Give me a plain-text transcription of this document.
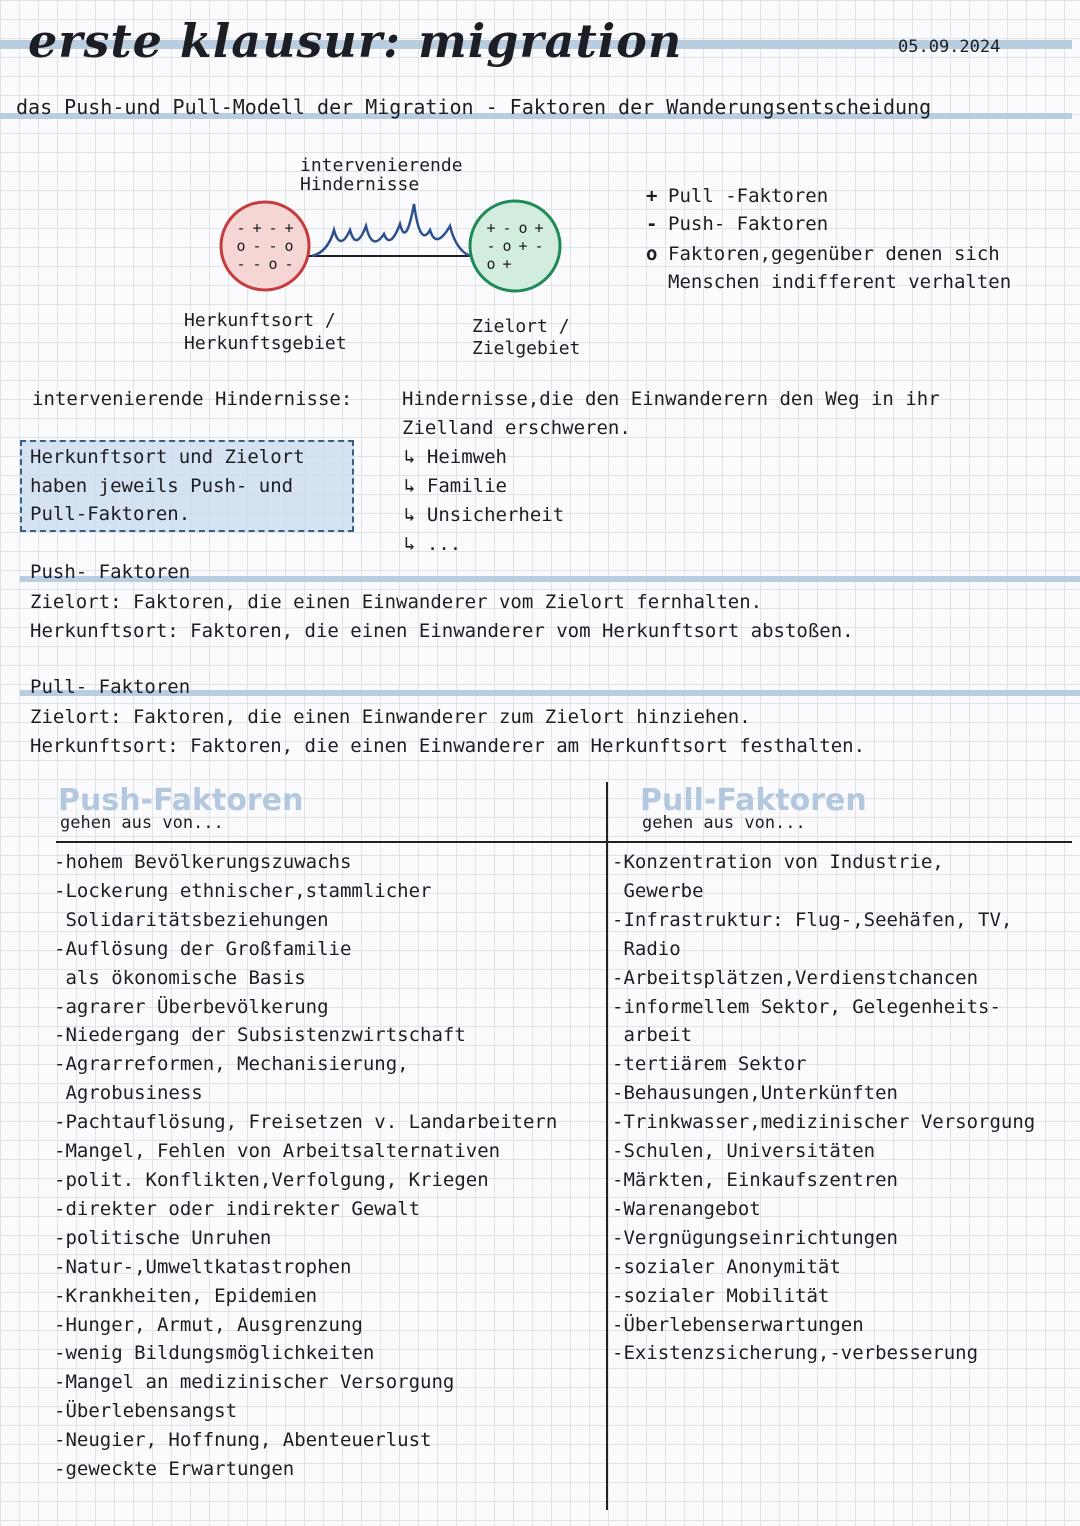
erste klausur: migration	05.09.2024
das Push-und Pull-Modell der Migration - Faktoren der Wanderungsentscheidung
intervenierende Hindernisse
- + - +
o - - o
- - o -
+ - o +
- o + -
o +
Herkunftsort /
Herkunftsgebiet
Zielort /
Zielgebiet
+ Pull -Faktoren
- Push- Faktoren
o Faktoren,gegenüber denen sich
Menschen indifferent verhalten
intervenierende Hindernisse:	Hindernisse,die den Einwanderern den Weg in ihr
Zielland erschweren.
↳ Heimweh
↳ Familie
↳ Unsicherheit
↳ ...
Herkunftsort und Zielort
haben jeweils Push- und
Pull-Faktoren.
Push- Faktoren
Zielort: Faktoren, die einen Einwanderer vom Zielort fernhalten.
Herkunftsort: Faktoren, die einen Einwanderer vom Herkunftsort abstoßen.
Pull- Faktoren
Zielort: Faktoren, die einen Einwanderer zum Zielort hinziehen.
Herkunftsort: Faktoren, die einen Einwanderer am Herkunftsort festhalten.
Push-Faktoren
gehen aus von...
Pull-Faktoren
gehen aus von...
-hohem Bevölkerungszuwachs
-Lockerung ethnischer,stammlicher
Solidaritätsbeziehungen
-Auflösung der Großfamilie
als ökonomische Basis
-agrarer Überbevölkerung
-Niedergang der Subsistenzwirtschaft
-Agrarreformen, Mechanisierung,
Agrobusiness
-Pachtauflösung, Freisetzen v. Landarbeitern
-Mangel, Fehlen von Arbeitsalternativen
-polit. Konflikten,Verfolgung, Kriegen
-direkter oder indirekter Gewalt
-politische Unruhen
-Natur-,Umweltkatastrophen
-Krankheiten, Epidemien
-Hunger, Armut, Ausgrenzung
-wenig Bildungsmöglichkeiten
-Mangel an medizinischer Versorgung
-Überlebensangst
-Neugier, Hoffnung, Abenteuerlust
-geweckte Erwartungen
-Konzentration von Industrie,
Gewerbe
-Infrastruktur: Flug-,Seehäfen, TV,
Radio
-Arbeitsplätzen,Verdienstchancen
-informellem Sektor, Gelegenheits-
arbeit
-tertiärem Sektor
-Behausungen,Unterkünften
-Trinkwasser,medizinischer Versorgung
-Schulen, Universitäten
-Märkten, Einkaufszentren
-Warenangebot
-Vergnügungseinrichtungen
-sozialer Anonymität
-sozialer Mobilität
-Überlebenserwartungen
-Existenzsicherung,-verbesserung
